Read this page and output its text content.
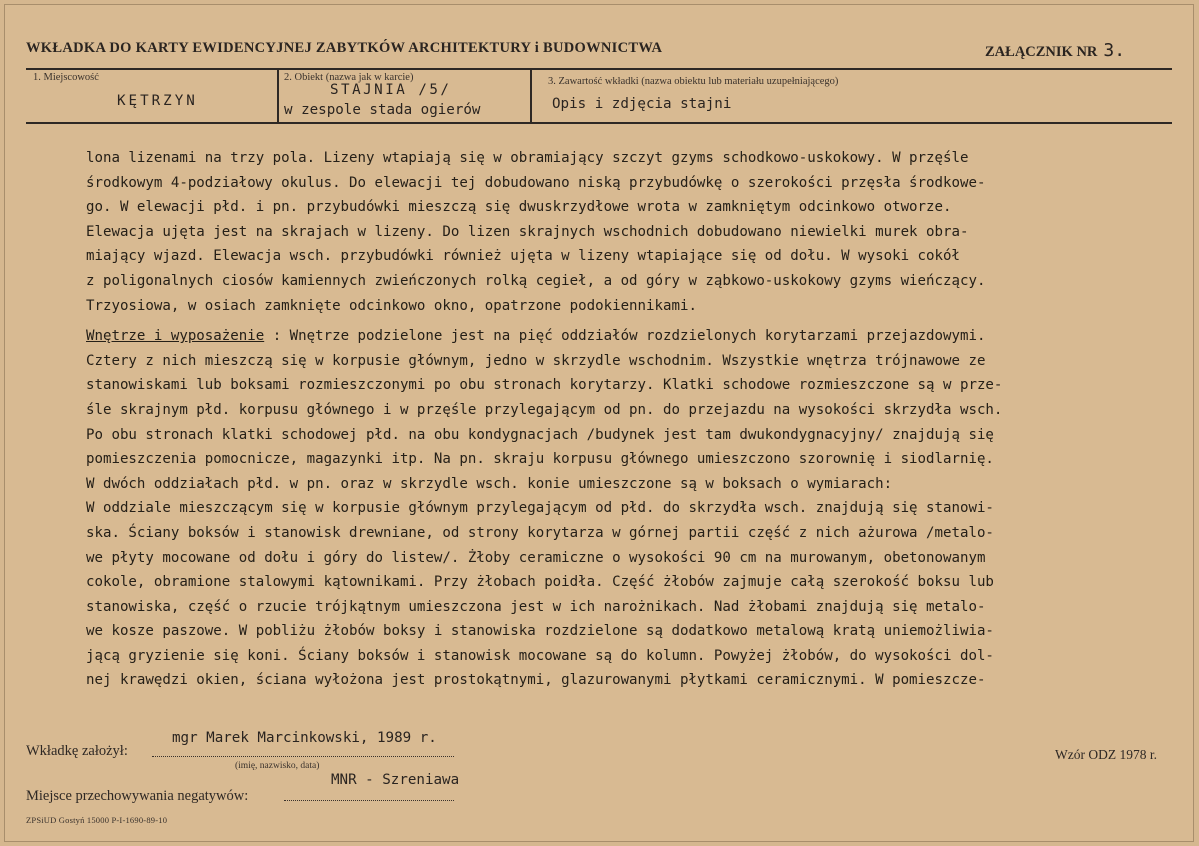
WKŁADKA DO KARTY EWIDENCYJNEJ ZABYTKÓW ARCHITEKTURY i BUDOWNICTWA	ZAŁĄCZNIK NR 3.
1. Miejscowość
KĘTRZYN
2. Obiekt (nazwa jak w karcie)
STAJNIA /5/
w zespole stada ogierów
3. Zawartość wkładki (nazwa obiektu lub materiału uzupełniającego)
Opis i zdjęcia stajni

lona lizenami na trzy pola. Lizeny wtapiają się w obramiający szczyt gzyms schodkowo-uskokowy. W przęśle

środkowym 4-podziałowy okulus. Do elewacji tej dobudowano niską przybudówkę o szerokości przęsła środkowe-

go. W elewacji płd. i pn. przybudówki mieszczą się dwuskrzydłowe wrota w zamkniętym odcinkowo otworze.

Elewacja ujęta jest na skrajach w lizeny. Do lizen skrajnych wschodnich dobudowano niewielki murek obra-

miający wjazd. Elewacja wsch. przybudówki również ujęta w lizeny wtapiające się od dołu. W wysoki cokół

z poligonalnych ciosów kamiennych zwieńczonych rolką cegieł, a od góry w ząbkowo-uskokowy gzyms wieńczący.

Trzyosiowa, w osiach zamknięte odcinkowo okno, opatrzone podokiennikami.

Wnętrze i wyposażenie : Wnętrze podzielone jest na pięć oddziałów rozdzielonych korytarzami przejazdowymi.

Cztery z nich mieszczą się w korpusie głównym, jedno w skrzydle wschodnim. Wszystkie wnętrza trójnawowe ze

stanowiskami lub boksami rozmieszczonymi po obu stronach korytarzy. Klatki schodowe rozmieszczone są w prze-

śle skrajnym płd. korpusu głównego i w przęśle przylegającym od pn. do przejazdu na wysokości skrzydła wsch.

Po obu stronach klatki schodowej płd. na obu kondygnacjach /budynek jest tam dwukondygnacyjny/ znajdują się

pomieszczenia pomocnicze, magazynki itp. Na pn. skraju korpusu głównego umieszczono szorownię i siodlarnię.

W dwóch oddziałach płd. w pn. oraz w skrzydle wsch. konie umieszczone są w boksach o wymiarach:

W oddziale mieszczącym się w korpusie głównym przylegającym od płd. do skrzydła wsch. znajdują się stanowi-

ska. Ściany boksów i stanowisk drewniane, od strony korytarza w górnej partii część z nich ażurowa /metalo-

we płyty mocowane od dołu i góry do listew/. Żłoby ceramiczne o wysokości 90 cm na murowanym, obetonowanym

cokole, obramione stalowymi kątownikami. Przy żłobach poidła. Część żłobów zajmuje całą szerokość boksu lub

stanowiska, część o rzucie trójkątnym umieszczona jest w ich narożnikach. Nad żłobami znajdują się metalo-

we kosze paszowe. W pobliżu żłobów boksy i stanowiska rozdzielone są dodatkowo metalową kratą uniemożliwia-

jącą gryzienie się koni. Ściany boksów i stanowisk mocowane są do kolumn. Powyżej żłobów, do wysokości dol-

nej krawędzi okien, ściana wyłożona jest prostokątnymi, glazurowanymi płytkami ceramicznymi. W pomieszcze-

Wkładkę założył:
mgr Marek Marcinkowski, 1989 r.
(imię, nazwisko, data)
MNR - Szreniawa
Miejsce przechowywania negatywów:
Wzór ODZ 1978 r.
ZPSiUD Gostyń 15000 P-I-1690-89-10
